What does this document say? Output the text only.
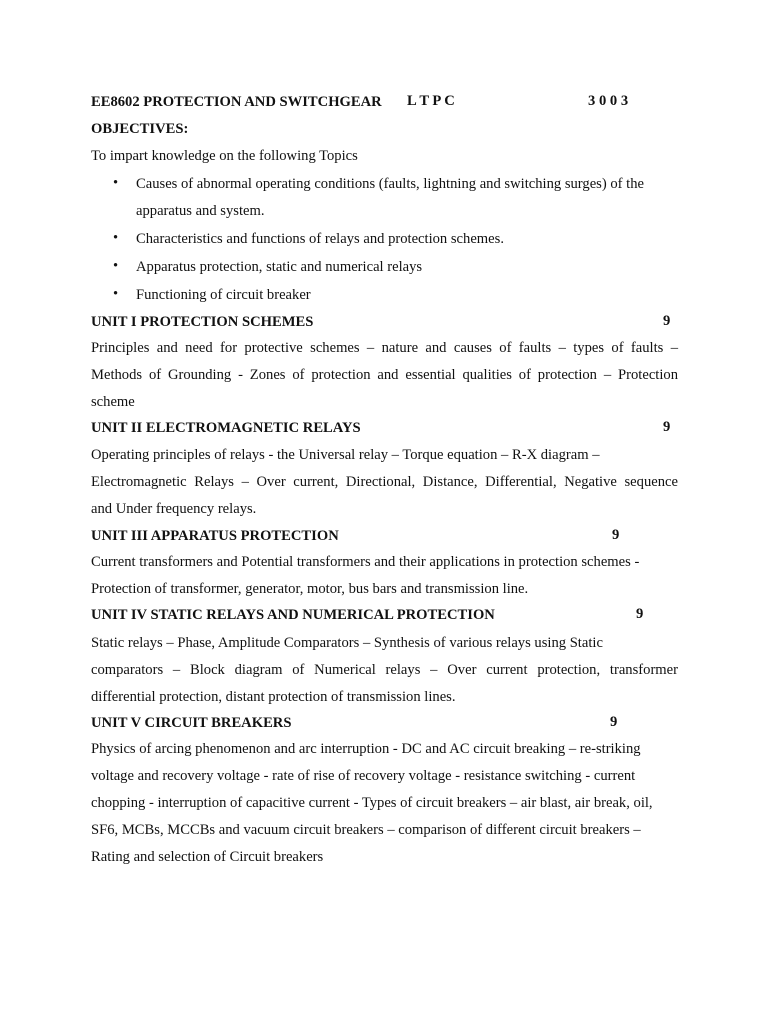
EE8602 PROTECTION AND SWITCHGEAR	L T P C	3 0 0 3
OBJECTIVES:
To impart knowledge on the following Topics
• Causes of abnormal operating conditions (faults, lightning and switching surges) of the
apparatus and system.
• Characteristics and functions of relays and protection schemes.
• Apparatus protection, static and numerical relays
• Functioning of circuit breaker
UNIT I PROTECTION SCHEMES	9
Principles and need for protective schemes – nature and causes of faults – types of faults –
Methods of Grounding - Zones of protection and essential qualities of protection – Protection
scheme
UNIT II ELECTROMAGNETIC RELAYS	9
Operating principles of relays - the Universal relay – Torque equation – R-X diagram –
Electromagnetic Relays – Over current, Directional, Distance, Differential, Negative sequence
and Under frequency relays.
UNIT III APPARATUS PROTECTION	9
Current transformers and Potential transformers and their applications in protection schemes -
Protection of transformer, generator, motor, bus bars and transmission line.
UNIT IV STATIC RELAYS AND NUMERICAL PROTECTION	9
Static relays – Phase, Amplitude Comparators – Synthesis of various relays using Static
comparators – Block diagram of Numerical relays – Over current protection, transformer
differential protection, distant protection of transmission lines.
UNIT V CIRCUIT BREAKERS	9
Physics of arcing phenomenon and arc interruption - DC and AC circuit breaking – re-striking
voltage and recovery voltage - rate of rise of recovery voltage - resistance switching - current
chopping - interruption of capacitive current - Types of circuit breakers – air blast, air break, oil,
SF6, MCBs, MCCBs and vacuum circuit breakers – comparison of different circuit breakers –
Rating and selection of Circuit breakers
